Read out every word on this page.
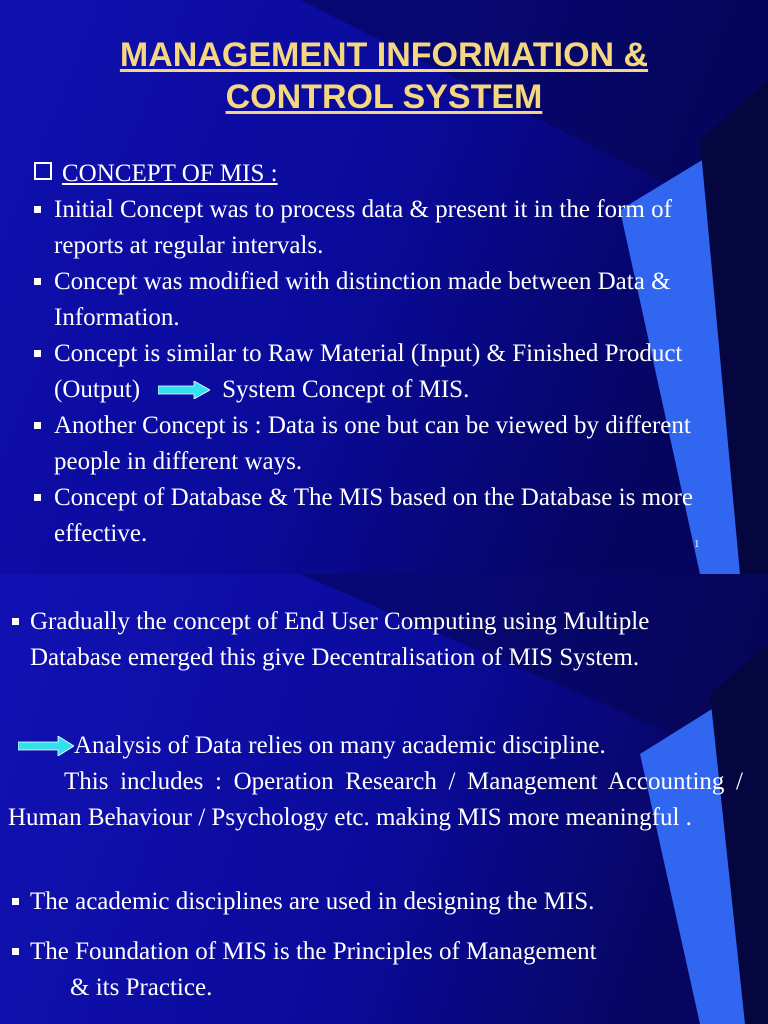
MANAGEMENT INFORMATION &
CONTROL SYSTEM
CONCEPT OF MIS :
Initial Concept was to process data & present it in the form of reports at regular intervals.
Concept was modified with distinction made between Data & Information.
Concept is similar to Raw Material (Input) & Finished Product (Output)	System Concept of MIS.
Another Concept is : Data is one but can be viewed by different people in different ways.
Concept of Database & The MIS based on the Database is more effective.	1
Gradually the concept of End User Computing using Multiple Database emerged this give Decentralisation of MIS System.
Analysis of Data relies on many academic discipline.
This includes : Operation Research / Management Accounting / Human Behaviour / Psychology etc. making MIS more meaningful .
The academic disciplines are used in designing the MIS.
The Foundation of MIS is the Principles of Management
& its Practice.
